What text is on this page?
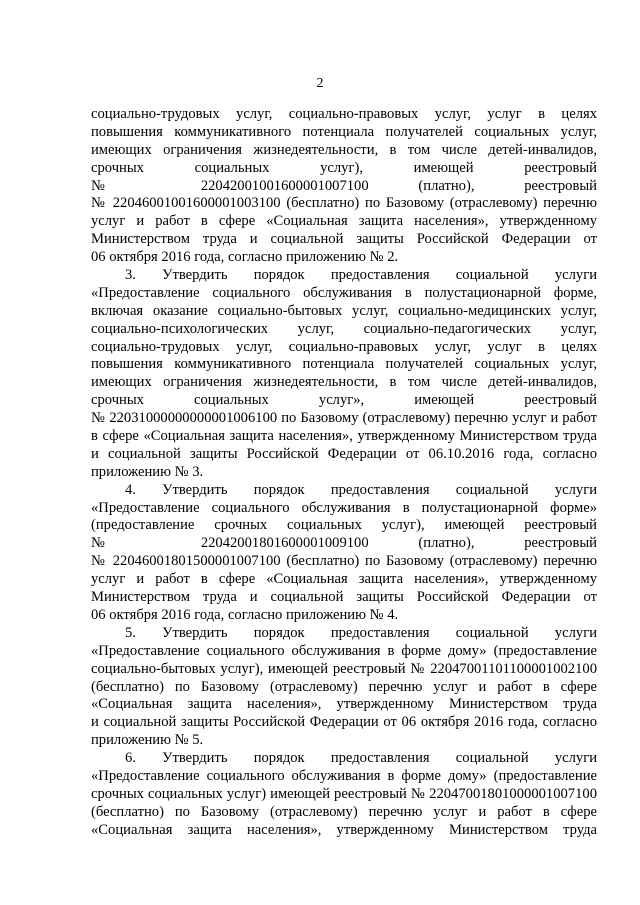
2
социально-трудовых услуг, социально-правовых услуг, услуг в целях
повышения коммуникативного потенциала получателей социальных услуг,
имеющих ограничения жизнедеятельности, в том числе детей-инвалидов,
срочных социальных услуг), имеющей реестровый
№ 22042001001600001007100 (платно), реестровый
№ 22046001001600001003100 (бесплатно) по Базовому (отраслевому) перечню
услуг и работ в сфере «Социальная защита населения», утвержденному
Министерством труда и социальной защиты Российской Федерации от
06 октября 2016 года, согласно приложению № 2.
3. Утвердить порядок предоставления социальной услуги
«Предоставление социального обслуживания в полустационарной форме,
включая оказание социально-бытовых услуг, социально-медицинских услуг,
социально-психологических услуг, социально-педагогических услуг,
социально-трудовых услуг, социально-правовых услуг, услуг в целях
повышения коммуникативного потенциала получателей социальных услуг,
имеющих ограничения жизнедеятельности, в том числе детей-инвалидов,
срочных социальных услуг», имеющей реестровый
№ 22031000000000001006100 по Базовому (отраслевому) перечню услуг и работ
в сфере «Социальная защита населения», утвержденному Министерством труда
и социальной защиты Российской Федерации от 06.10.2016 года, согласно
приложению № 3.
4. Утвердить порядок предоставления социальной услуги
«Предоставление социального обслуживания в полустационарной форме»
(предоставление срочных социальных услуг), имеющей реестровый
№ 22042001801600001009100 (платно), реестровый
№ 22046001801500001007100 (бесплатно) по Базовому (отраслевому) перечню
услуг и работ в сфере «Социальная защита населения», утвержденному
Министерством труда и социальной защиты Российской Федерации от
06 октября 2016 года, согласно приложению № 4.
5. Утвердить порядок предоставления социальной услуги
«Предоставление социального обслуживания в форме дому» (предоставление
социально-бытовых услуг), имеющей реестровый № 22047001101100001002100
(бесплатно) по Базовому (отраслевому) перечню услуг и работ в сфере
«Социальная защита населения», утвержденному Министерством труда
и социальной защиты Российской Федерации от 06 октября 2016 года, согласно
приложению № 5.
6. Утвердить порядок предоставления социальной услуги
«Предоставление социального обслуживания в форме дому» (предоставление
срочных социальных услуг) имеющей реестровый № 22047001801000001007100
(бесплатно) по Базовому (отраслевому) перечню услуг и работ в сфере
«Социальная защита населения», утвержденному Министерством труда
